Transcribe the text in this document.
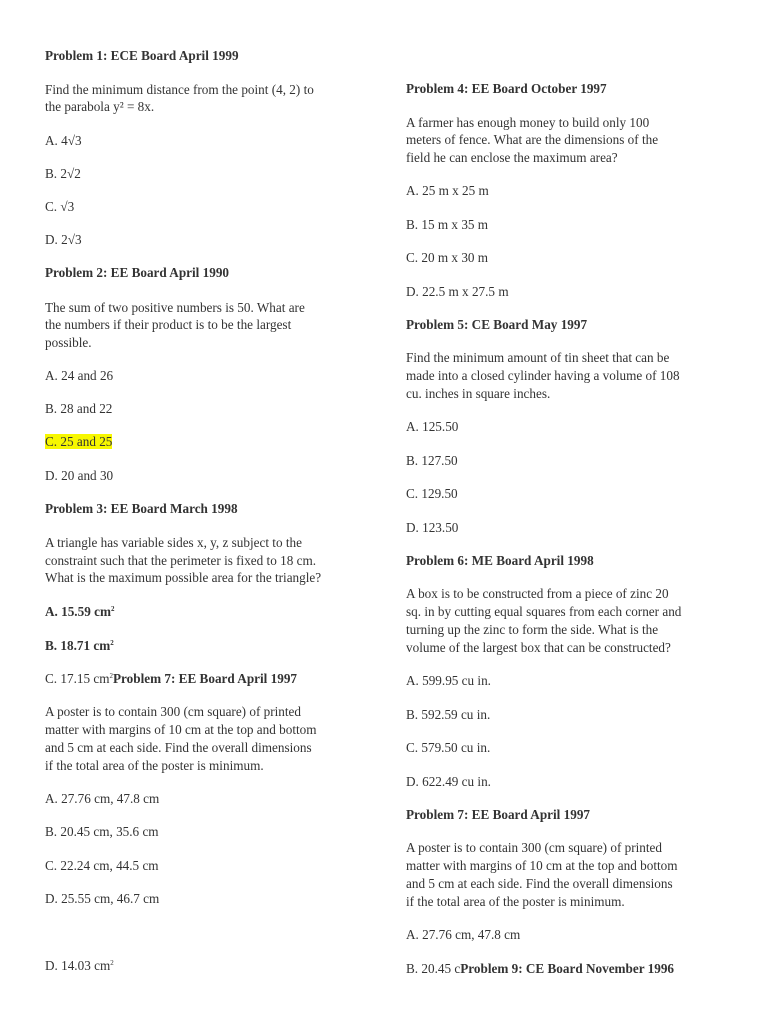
Problem 1: ECE Board April 1999

Find the minimum distance from the point (4, 2) to

the parabola y² = 8x.

A. 4√3

B. 2√2

C. √3

D. 2√3

Problem 2: EE Board April 1990

The sum of two positive numbers is 50. What are

the numbers if their product is to be the largest

possible.

A. 24 and 26

B. 28 and 22

C. 25 and 25

D. 20 and 30

Problem 3: EE Board March 1998

A triangle has variable sides x, y, z subject to the

constraint such that the perimeter is fixed to 18 cm.

What is the maximum possible area for the triangle?

A. 15.59 $cm^2$

B. 18.71 $cm^2$

C. 17.15 $cm^2Problem$ 7: EE Board April 1997

A poster is to contain 300 (cm square) of printed

matter with margins of 10 cm at the top and bottom

and 5 cm at each side. Find the overall dimensions

if the total area of the poster is minimum.

A. 27.76 cm, 47.8 cm

B. 20.45 cm, 35.6 cm

C. 22.24 cm, 44.5 cm

D. 25.55 cm, 46.7 cm

D. 14.03 $cm^2$

Problem 4: EE Board October 1997

A farmer has enough money to build only 100

meters of fence. What are the dimensions of the

field he can enclose the maximum area?

A. 25 m x 25 m

B. 15 m x 35 m

C. 20 m x 30 m

D. 22.5 m x 27.5 m

Problem 5: CE Board May 1997

Find the minimum amount of tin sheet that can be

made into a closed cylinder having a volume of 108

cu. inches in square inches.

A. 125.50

B. 127.50

C. 129.50

D. 123.50

Problem 6: ME Board April 1998

A box is to be constructed from a piece of zinc 20

sq. in by cutting equal squares from each corner and

turning up the zinc to form the side. What is the

volume of the largest box that can be constructed?

A. 599.95 cu in.

B. 592.59 cu in.

C. 579.50 cu in.

D. 622.49 cu in.

Problem 7: EE Board April 1997

A poster is to contain 300 (cm square) of printed

matter with margins of 10 cm at the top and bottom

and 5 cm at each side. Find the overall dimensions

if the total area of the poster is minimum.

A. 27.76 cm, 47.8 cm

B. 20.45 cProblem 9: CE Board November 1996
